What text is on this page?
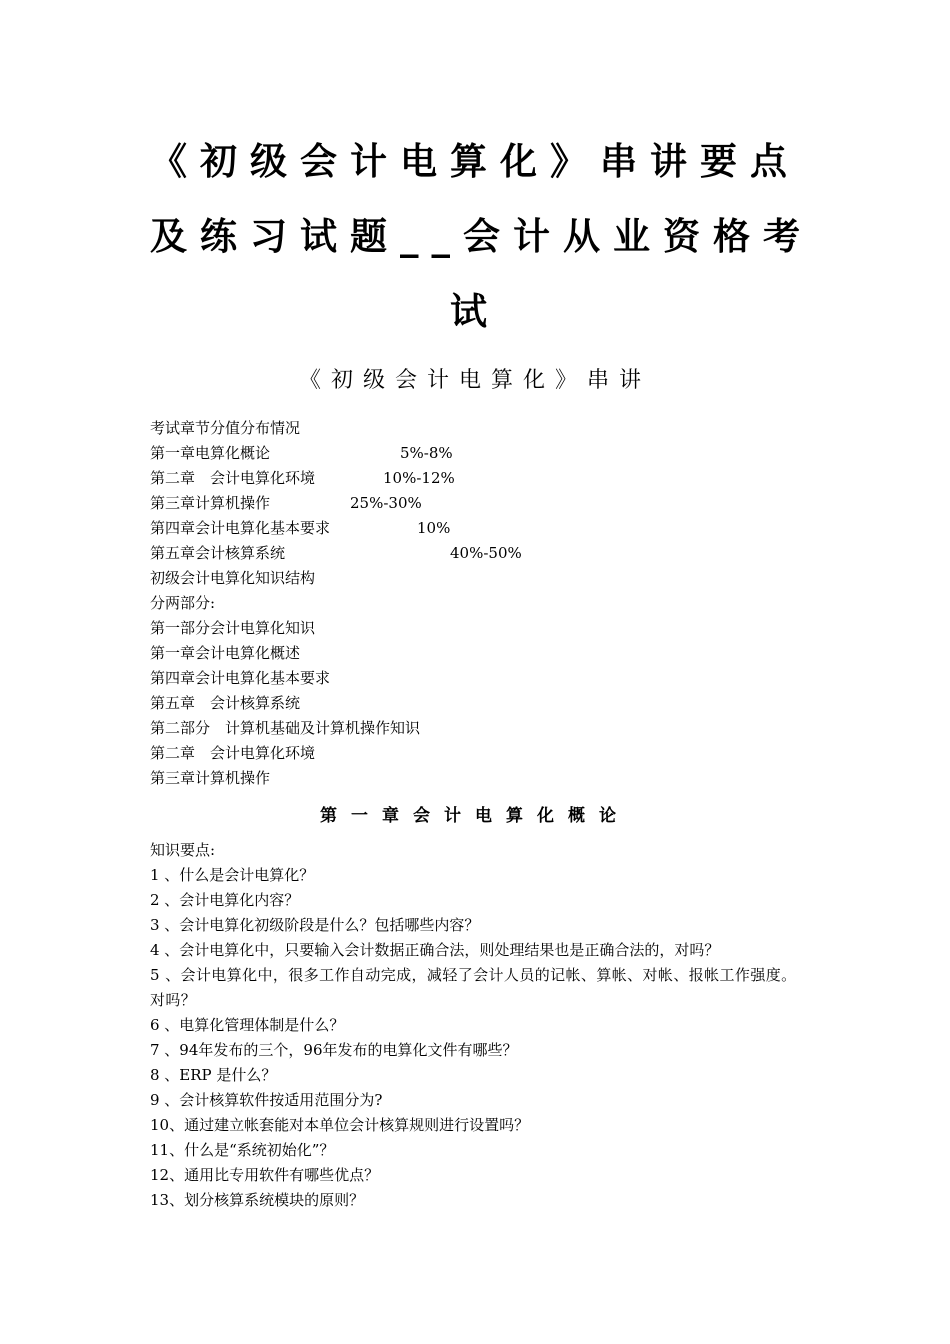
《初级会计电算化》串讲要点
及练习试题__会计从业资格考
试
《初级会计电算化》串讲
考试章节分值分布情况
第一章电算化概论	5%-8%
第二章　会计电算化环境	10%-12%
第三章计算机操作	25%-30%
第四章会计电算化基本要求	10%
第五章会计核算系统	40%-50%
初级会计电算化知识结构
分两部分:
第一部分会计电算化知识
第一章会计电算化概述
第四章会计电算化基本要求
第五章　会计核算系统
第二部分　计算机基础及计算机操作知识
第二章　会计电算化环境
第三章计算机操作
第一章会计电算化概论
知识要点:
1 、什么是会计电算化？
2 、会计电算化内容？
3 、会计电算化初级阶段是什么？包括哪些内容？
4 、会计电算化中，只要输入会计数据正确合法，则处理结果也是正确合法的，对吗？
5 、会计电算化中，很多工作自动完成，减轻了会计人员的记帐、算帐、对帐、报帐工作强度。对吗？
6 、电算化管理体制是什么？
7 、94年发布的三个，96年发布的电算化文件有哪些？
8 、ERP 是什么？
9 、会计核算软件按适用范围分为?
10、通过建立帐套能对本单位会计核算规则进行设置吗？
11、什么是“系统初始化”？
12、通用比专用软件有哪些优点？
13、划分核算系统模块的原则？
